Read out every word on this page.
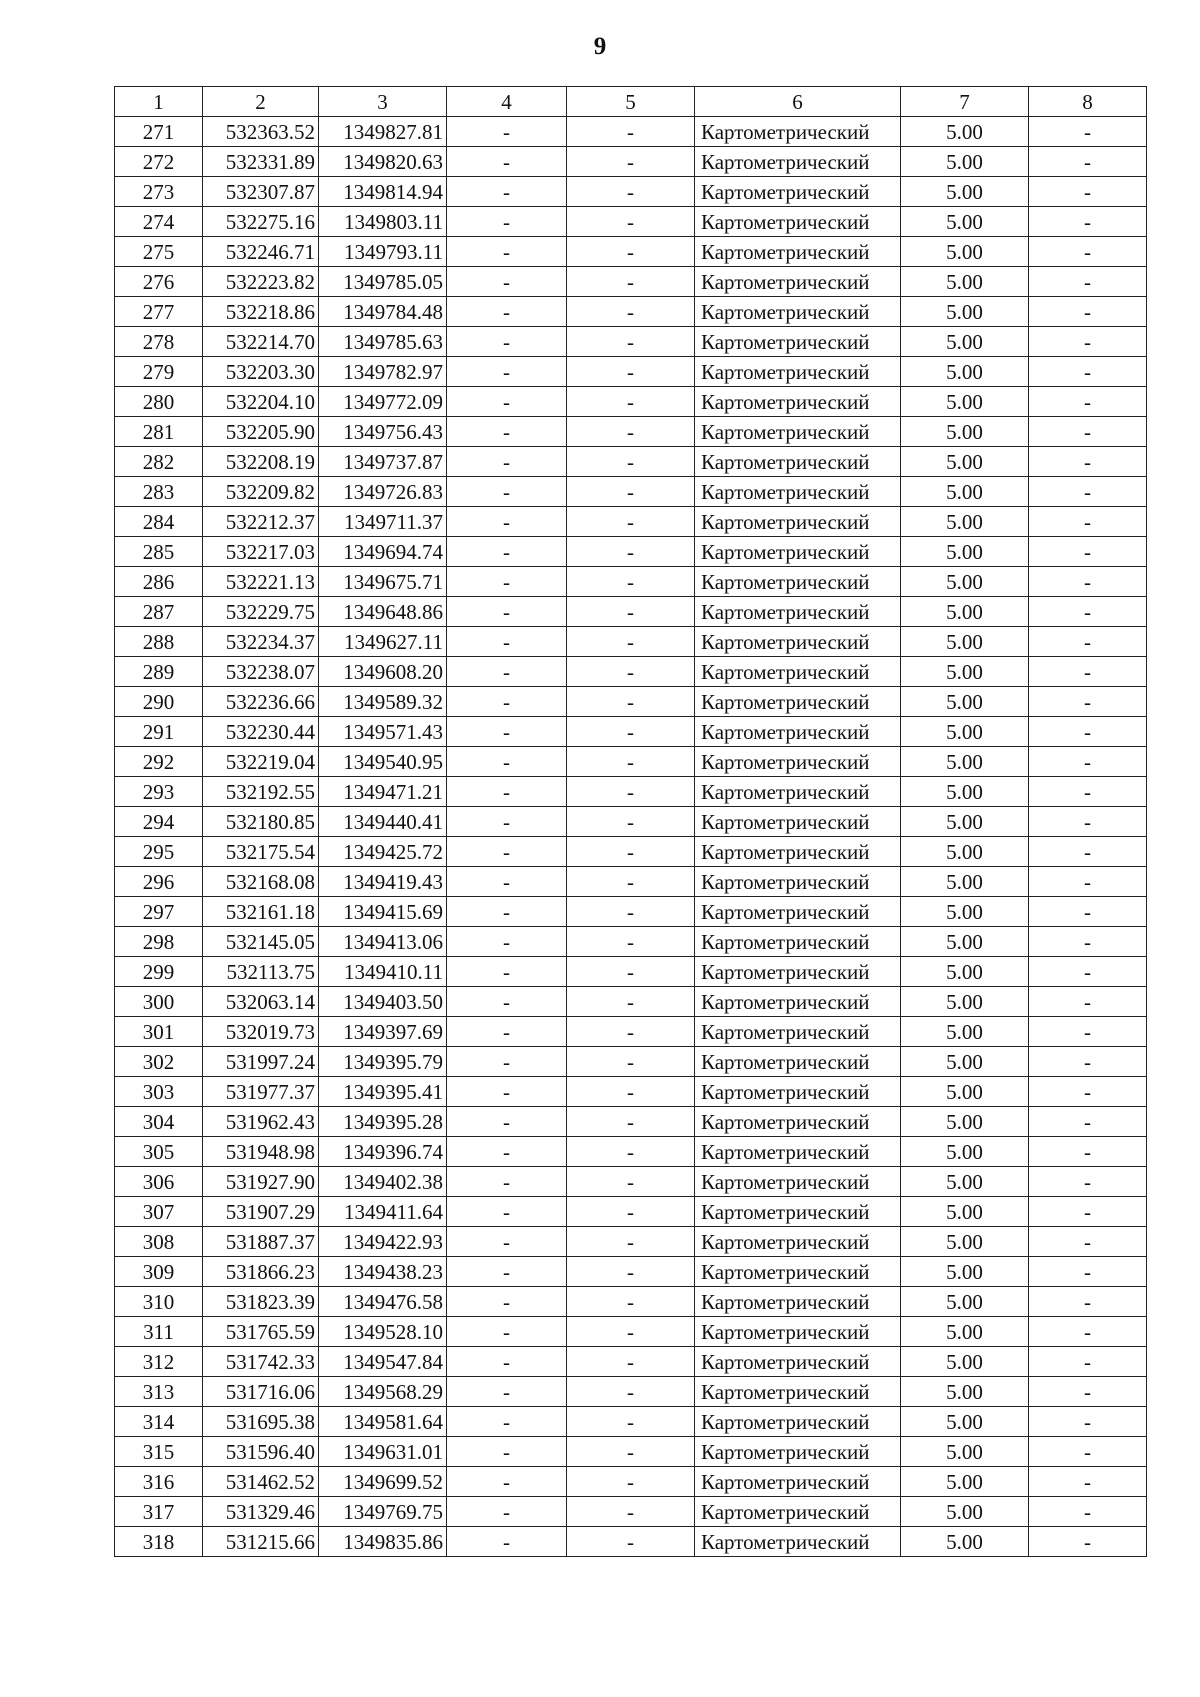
9
1	2	3	4	5	6	7	8
271	532363.52	1349827.81	-	-	Картометрический	5.00	-
272	532331.89	1349820.63	-	-	Картометрический	5.00	-
273	532307.87	1349814.94	-	-	Картометрический	5.00	-
274	532275.16	1349803.11	-	-	Картометрический	5.00	-
275	532246.71	1349793.11	-	-	Картометрический	5.00	-
276	532223.82	1349785.05	-	-	Картометрический	5.00	-
277	532218.86	1349784.48	-	-	Картометрический	5.00	-
278	532214.70	1349785.63	-	-	Картометрический	5.00	-
279	532203.30	1349782.97	-	-	Картометрический	5.00	-
280	532204.10	1349772.09	-	-	Картометрический	5.00	-
281	532205.90	1349756.43	-	-	Картометрический	5.00	-
282	532208.19	1349737.87	-	-	Картометрический	5.00	-
283	532209.82	1349726.83	-	-	Картометрический	5.00	-
284	532212.37	1349711.37	-	-	Картометрический	5.00	-
285	532217.03	1349694.74	-	-	Картометрический	5.00	-
286	532221.13	1349675.71	-	-	Картометрический	5.00	-
287	532229.75	1349648.86	-	-	Картометрический	5.00	-
288	532234.37	1349627.11	-	-	Картометрический	5.00	-
289	532238.07	1349608.20	-	-	Картометрический	5.00	-
290	532236.66	1349589.32	-	-	Картометрический	5.00	-
291	532230.44	1349571.43	-	-	Картометрический	5.00	-
292	532219.04	1349540.95	-	-	Картометрический	5.00	-
293	532192.55	1349471.21	-	-	Картометрический	5.00	-
294	532180.85	1349440.41	-	-	Картометрический	5.00	-
295	532175.54	1349425.72	-	-	Картометрический	5.00	-
296	532168.08	1349419.43	-	-	Картометрический	5.00	-
297	532161.18	1349415.69	-	-	Картометрический	5.00	-
298	532145.05	1349413.06	-	-	Картометрический	5.00	-
299	532113.75	1349410.11	-	-	Картометрический	5.00	-
300	532063.14	1349403.50	-	-	Картометрический	5.00	-
301	532019.73	1349397.69	-	-	Картометрический	5.00	-
302	531997.24	1349395.79	-	-	Картометрический	5.00	-
303	531977.37	1349395.41	-	-	Картометрический	5.00	-
304	531962.43	1349395.28	-	-	Картометрический	5.00	-
305	531948.98	1349396.74	-	-	Картометрический	5.00	-
306	531927.90	1349402.38	-	-	Картометрический	5.00	-
307	531907.29	1349411.64	-	-	Картометрический	5.00	-
308	531887.37	1349422.93	-	-	Картометрический	5.00	-
309	531866.23	1349438.23	-	-	Картометрический	5.00	-
310	531823.39	1349476.58	-	-	Картометрический	5.00	-
311	531765.59	1349528.10	-	-	Картометрический	5.00	-
312	531742.33	1349547.84	-	-	Картометрический	5.00	-
313	531716.06	1349568.29	-	-	Картометрический	5.00	-
314	531695.38	1349581.64	-	-	Картометрический	5.00	-
315	531596.40	1349631.01	-	-	Картометрический	5.00	-
316	531462.52	1349699.52	-	-	Картометрический	5.00	-
317	531329.46	1349769.75	-	-	Картометрический	5.00	-
318	531215.66	1349835.86	-	-	Картометрический	5.00	-
